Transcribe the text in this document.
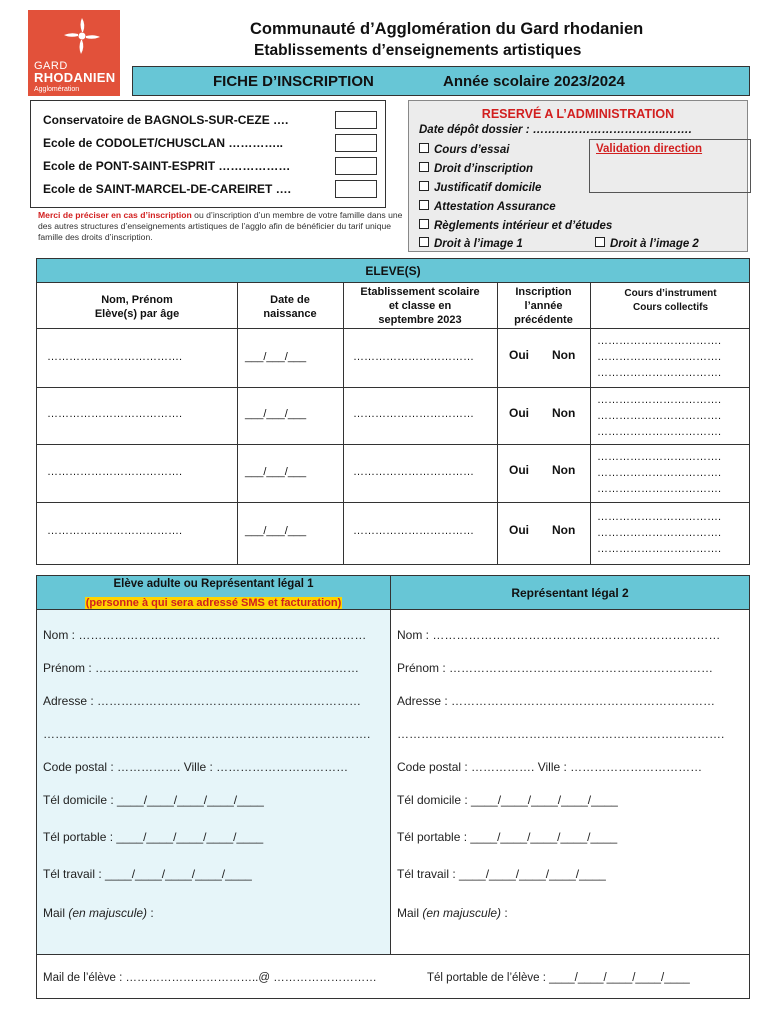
GARD
RHODANIEN
Agglomération
Communauté d’Agglomération du Gard rhodanien
Etablissements d’enseignements artistiques
FICHE D’INSCRIPTION	Année scolaire 2023/2024
Conservatoire de BAGNOLS-SUR-CEZE ….
Ecole de CODOLET/CHUSCLAN …………..
Ecole de PONT-SAINT-ESPRIT ………………
Ecole de SAINT-MARCEL-DE-CAREIRET ….
Merci de préciser en cas d’inscription ou d’inscription d’un membre de votre famille dans une des autres structures d’enseignements artistiques de l’agglo afin de bénéficier du tarif unique famille des droits d’inscription.
RESERVÉ A L’ADMINISTRATION
Date dépôt dossier : ……………………………..…….
Cours d’essai
Droit d’inscription
Justificatif domicile
Attestation Assurance
Règlements intérieur et d’études
Droit à l’image 1	Droit à l’image 2
Validation direction
ELEVE(S)
Nom, Prénom
Elève(s) par âge
Date de
naissance
Etablissement scolaire
et classe en
septembre 2023
Inscription
l’année
précédente
Cours d’instrument
Cours collectifs
……………………………….	___/___/___	……………………………	Oui Non
…………………………….
…………………………….
…………………………….
……………………………….	___/___/___	……………………………	Oui Non
…………………………….
…………………………….
…………………………….
……………………………….	___/___/___	……………………………	Oui Non
…………………………….
…………………………….
…………………………….
……………………………….	___/___/___	……………………………	Oui Non
…………………………….
…………………………….
…………………………….
Elève adulte ou Représentant légal 1
(personne à qui sera adressé SMS et facturation)
Représentant légal 2
Nom : ………………………………………………………………
Prénom : …………………………………………………………
Adresse : …………………………………………………………
……………………………………………………………………….
Code postal : ……………. Ville : ……………………………
Tél domicile : ____/____/____/____/____
Tél portable : ____/____/____/____/____
Tél travail : ____/____/____/____/____
Mail (en majuscule) :
Nom : ………………………………………………………………
Prénom : …………………………………………………………
Adresse : …………………………………………………………
……………………………………………………………………….
Code postal : ……………. Ville : ……………………………
Tél domicile : ____/____/____/____/____
Tél portable : ____/____/____/____/____
Tél travail : ____/____/____/____/____
Mail (en majuscule) :
Mail de l’élève : ……………………………..@ ………………………	Tél portable de l’élève : ____/____/____/____/____
